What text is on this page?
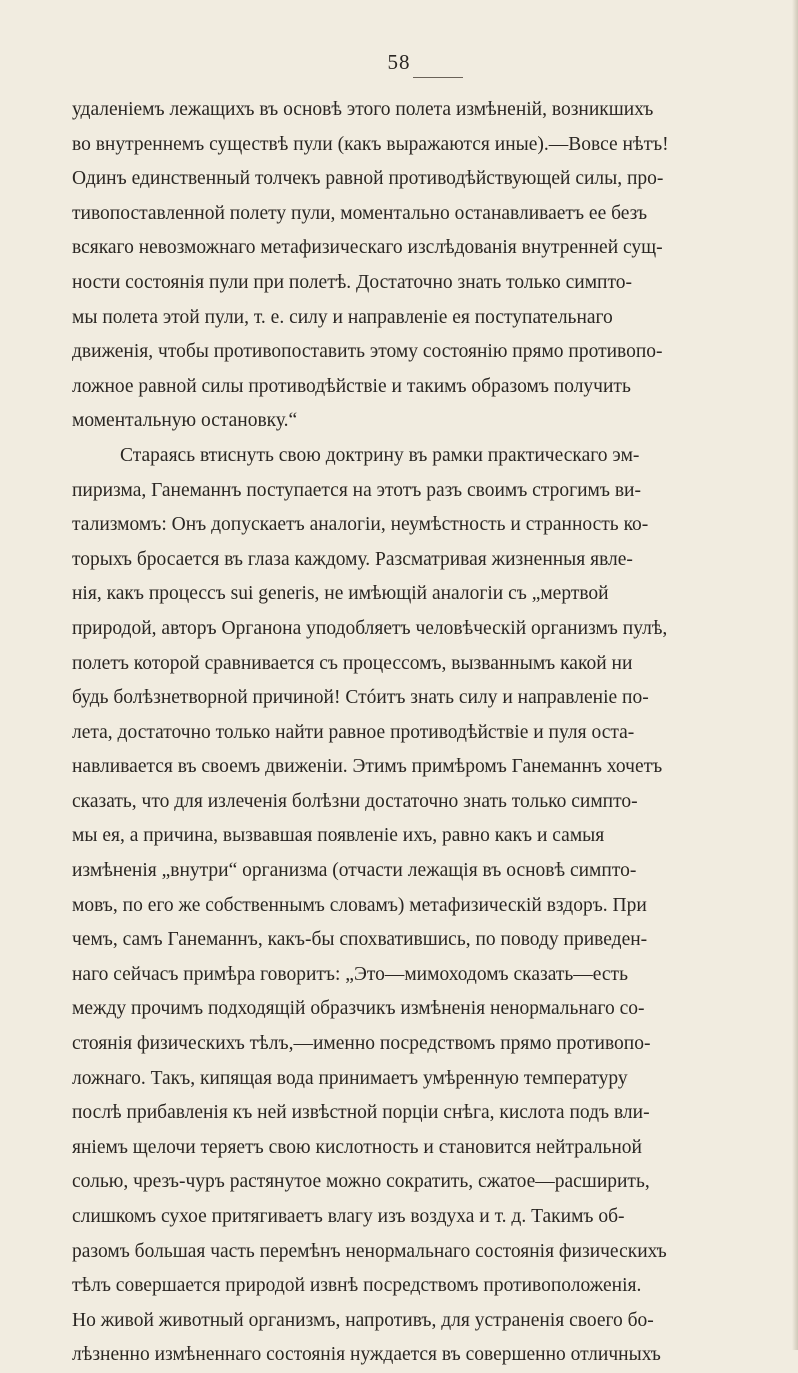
58
удаленіемъ лежащихъ въ основѣ этого полета измѣненій, возникшихъ
во внутреннемъ существѣ пули (какъ выражаются иные).—Вовсе нѣтъ!
Одинъ единственный толчекъ равной противодѣйствующей силы, про-
тивопоставленной полету пули, моментально останавливаетъ ее безъ
всякаго невозможнаго метафизическаго изслѣдованія внутренней сущ-
ности состоянія пули при полетѣ. Достаточно знать только симпто-
мы полета этой пули, т. е. силу и направленіе ея поступательнаго
движенія, чтобы противопоставить этому состоянію прямо противопо-
ложное равной силы противодѣйствіе и такимъ образомъ получить
моментальную остановку.“
Стараясь втиснуть свою доктрину въ рамки практическаго эм-
пиризма, Ганеманнъ поступается на этотъ разъ своимъ строгимъ ви-
тализмомъ: Онъ допускаетъ аналогіи, неумѣстность и странность ко-
торыхъ бросается въ глаза каждому. Разсматривая жизненныя явле-
нія, какъ процессъ sui generis, не имѣющій аналогіи съ „мертвой
природой, авторъ Органона уподобляетъ человѣческій организмъ пулѣ,
полетъ которой сравнивается съ процессомъ, вызваннымъ какой ни
будь болѣзнетворной причиной! Стóитъ знать силу и направленіе по-
лета, достаточно только найти равное противодѣйствіе и пуля оста-
навливается въ своемъ движеніи. Этимъ примѣромъ Ганеманнъ хочетъ
сказать, что для излеченія болѣзни достаточно знать только симпто-
мы ея, а причина, вызвавшая появленіе ихъ, равно какъ и самыя
измѣненія „внутри“ организма (отчасти лежащія въ основѣ симпто-
мовъ, по его же собственнымъ словамъ) метафизическій вздоръ. При
чемъ, самъ Ганеманнъ, какъ-бы спохватившись, по поводу приведен-
наго сейчасъ примѣра говоритъ: „Это—мимоходомъ сказать—есть
между прочимъ подходящій образчикъ измѣненія ненормальнаго со-
стоянія физическихъ тѣлъ,—именно посредствомъ прямо противопо-
ложнаго. Такъ, кипящая вода принимаетъ умѣренную температуру
послѣ прибавленія къ ней извѣстной порціи снѣга, кислота подъ вли-
яніемъ щелочи теряетъ свою кислотность и становится нейтральной
солью, чрезъ-чуръ растянутое можно сократить, сжатое—расширить,
слишкомъ сухое притягиваетъ влагу изъ воздуха и т. д. Такимъ об-
разомъ большая часть перемѣнъ ненормальнаго состоянія физическихъ
тѣлъ совершается природой извнѣ посредствомъ противоположенія.
Но живой животный организмъ, напротивъ, для устраненія своего бо-
лѣзненно измѣненнаго состоянія нуждается въ совершенно отличныхъ
